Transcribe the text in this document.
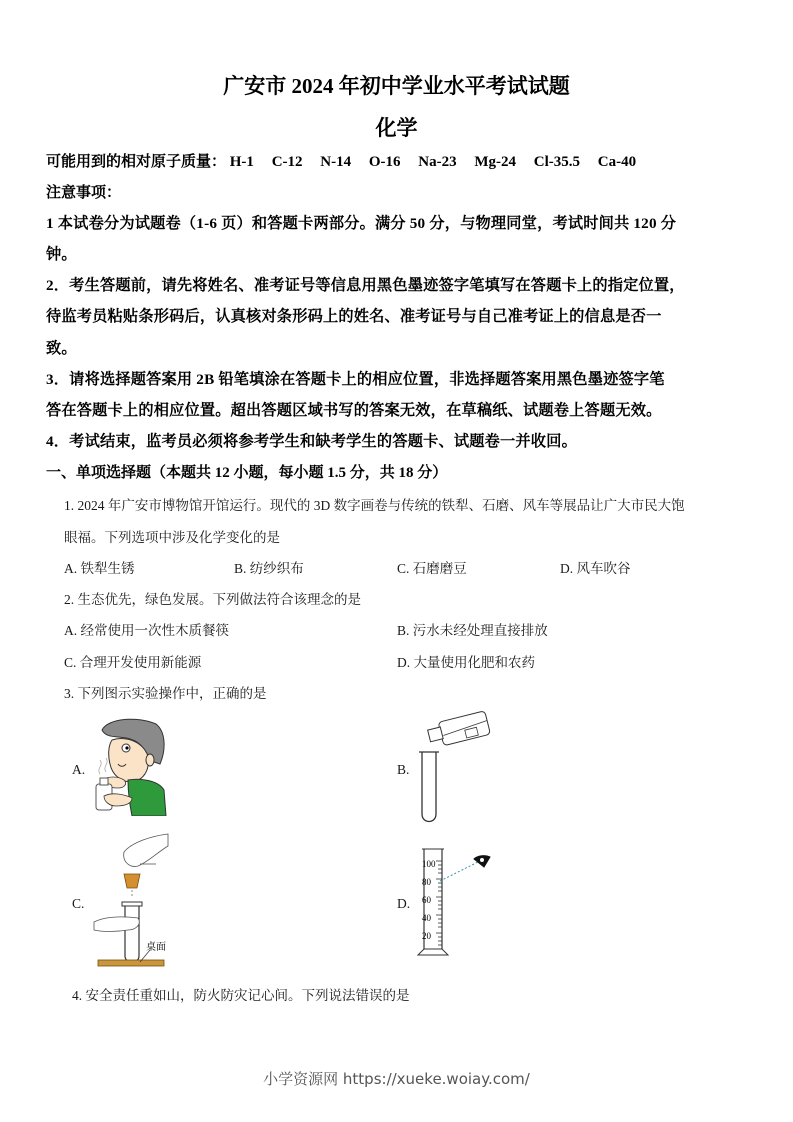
广安市 2024 年初中学业水平考试试题
化学
可能用到的相对原子质量： H-1 C-12 N-14 O-16 Na-23 Mg-24 Cl-35.5 Ca-40
注意事项：
1 本试卷分为试题卷（1-6 页）和答题卡两部分。满分 50 分，与物理同堂，考试时间共 120 分
钟。
2．考生答题前，请先将姓名、准考证号等信息用黑色墨迹签字笔填写在答题卡上的指定位置，
待监考员粘贴条形码后，认真核对条形码上的姓名、准考证号与自己准考证上的信息是否一
致。
3．请将选择题答案用 2B 铅笔填涂在答题卡上的相应位置，非选择题答案用黑色墨迹签字笔
答在答题卡上的相应位置。超出答题区域书写的答案无效，在草稿纸、试题卷上答题无效。
4．考试结束，监考员必须将参考学生和缺考学生的答题卡、试题卷一并收回。
一、单项选择题（本题共 12 小题，每小题 1.5 分，共 18 分）
1. 2024 年广安市博物馆开馆运行。现代的 3D 数字画卷与传统的铁犁、石磨、风车等展品让广大市民大饱
眼福。下列选项中涉及化学变化的是
A. 铁犁生锈	B. 纺纱织布	C. 石磨磨豆	D. 风车吹谷
2. 生态优先，绿色发展。下列做法符合该理念的是
A. 经常使用一次性木质餐筷	B. 污水未经处理直接排放
C. 合理开发使用新能源	D. 大量使用化肥和农药
3. 下列图示实验操作中，正确的是
A.	B.
C.
桌面
D.
100
80
60
40
20
4. 安全责任重如山，防火防灾记心间。下列说法错误的是
小学资源网 https://xueke.woiay.com/
